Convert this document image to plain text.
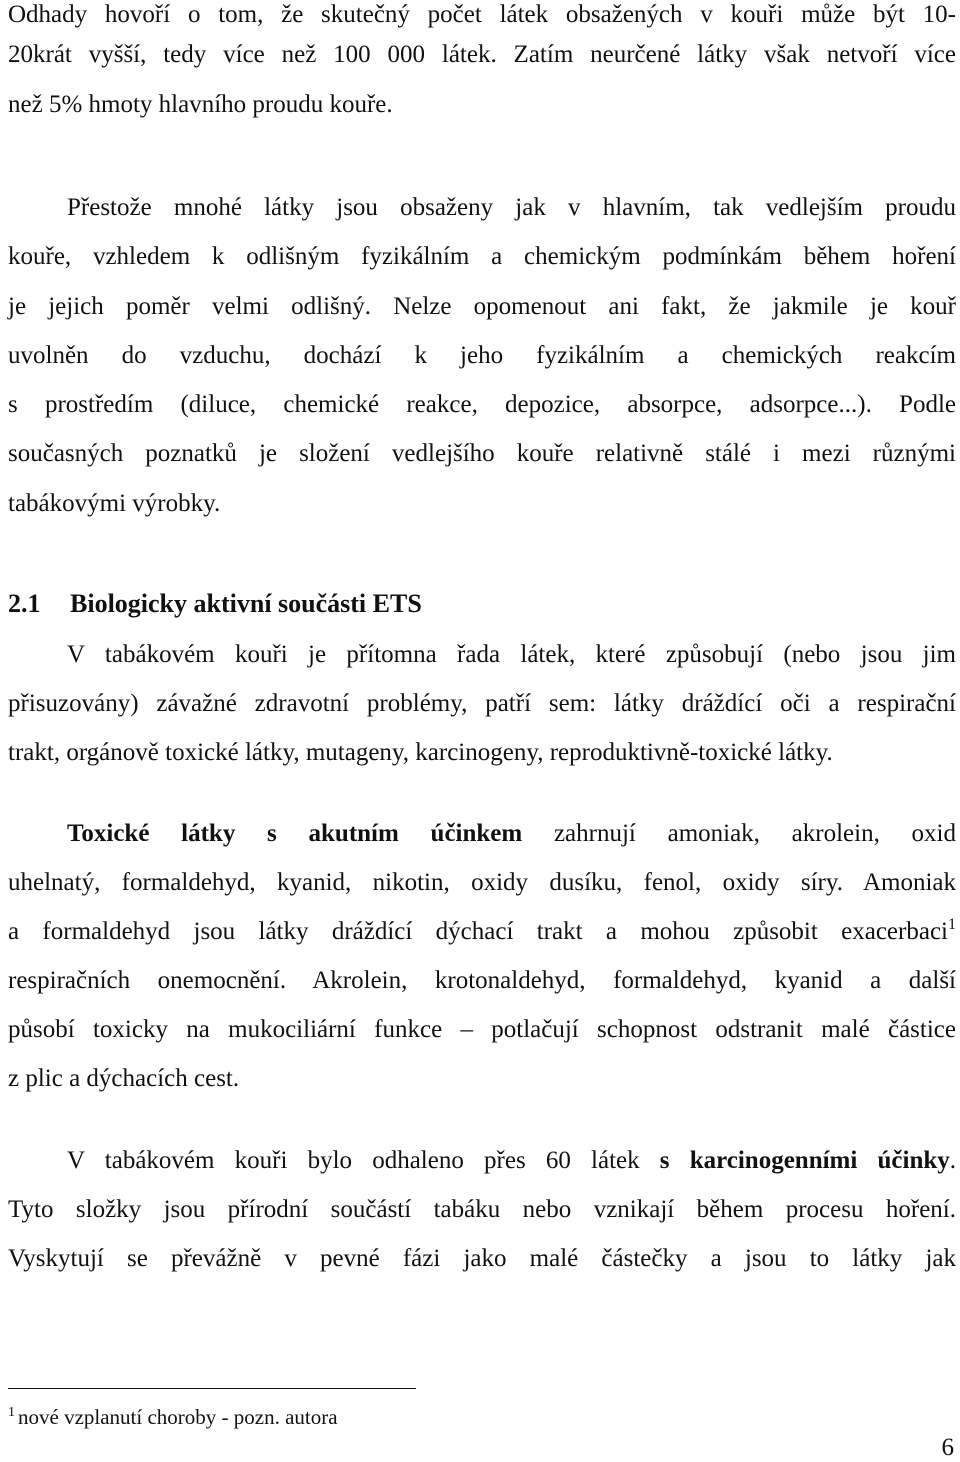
Odhady hovoří o tom, že skutečný počet látek obsažených v kouři může být 10-
20krát vyšší, tedy více než 100 000 látek. Zatím neurčené látky však netvoří více
než 5% hmoty hlavního proudu kouře.
Přestože mnohé látky jsou obsaženy jak v hlavním, tak vedlejším proudu
kouře, vzhledem k odlišným fyzikálním a chemickým podmínkám během hoření
je jejich poměr velmi odlišný. Nelze opomenout ani fakt, že jakmile je kouř
uvolněn do vzduchu, dochází k jeho fyzikálním a chemických reakcím
s prostředím (diluce, chemické reakce, depozice, absorpce, adsorpce...). Podle
současných poznatků je složení vedlejšího kouře relativně stálé i mezi různými
tabákovými výrobky.
2.1 Biologicky aktivní součásti ETS
V tabákovém kouři je přítomna řada látek, které způsobují (nebo jsou jim
přisuzovány) závažné zdravotní problémy, patří sem: látky dráždící oči a respirační
trakt, orgánově toxické látky, mutageny, karcinogeny, reproduktivně-toxické látky.
Toxické látky s akutním účinkem zahrnují amoniak, akrolein, oxid
uhelnatý, formaldehyd, kyanid, nikotin, oxidy dusíku, fenol, oxidy síry. Amoniak
a formaldehyd jsou látky dráždící dýchací trakt a mohou způsobit exacerbaci$^1$
respiračních onemocnění. Akrolein, krotonaldehyd, formaldehyd, kyanid a další
působí toxicky na mukociliární funkce – potlačují schopnost odstranit malé částice
z plic a dýchacích cest.
V tabákovém kouři bylo odhaleno přes 60 látek s karcinogenními účinky.
Tyto složky jsou přírodní součástí tabáku nebo vznikají během procesu hoření.
Vyskytují se převážně v pevné fázi jako malé částečky a jsou to látky jak
$^1$ nové vzplanutí choroby - pozn. autora
6
